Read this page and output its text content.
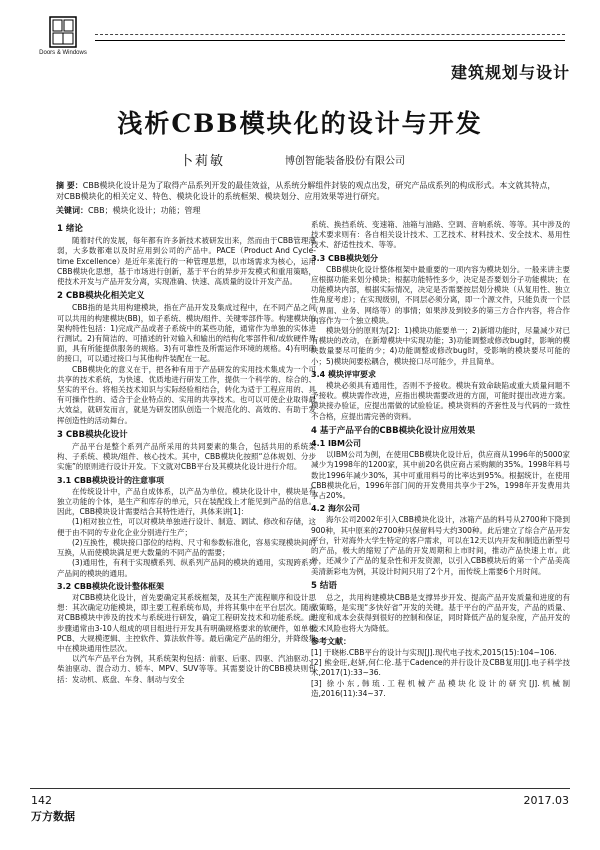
Doors & Windows
建筑规划与设计
浅析CBB模块化的设计与开发
卜莉敏	博创智能装备股份有限公司
摘 要：CBB模块化设计是为了取得产品系列开发的最佳效益，从系统分解组件封装的观点出发，研究产品成系列的构成形式。本文就其特点，对CBB模块化的相关定义、特色、模块化设计的系统框架、模块划分、应用效果等进行研究。
关键词：CBB；模块化设计；功能；管理
1 绪论

随着时代的发展，每年都有许多新技术被研发出来，然而由于CBB管理薄弱，大多数都难以及时应用到公司的产品中。PACE（Product And Cycle-time Excellence）是近年来流行的一种管理思想，以市场需求为核心，运用CBB模块化思想，基于市场进行创新，基于平台的异步开发模式和重用策略，使技术开发与产品开发分离，实现准确、快速、高质量的设计开发产品。

2 CBB模块化相关定义

CBB指的是共用构建模块，指在产品开发及集成过程中，在不同产品之间可以共用的构建模块(BB)，如子系统、模块/组件、关键零部件等。构建模块的架构特性包括：1)完成产品或者子系统中的某些功能，通常作为单独的实体进行测试。2)有简洁的、可描述的针对输入和输出的结构化零部件和/或软硬件界面，具有所能提供服务的规格。3)有可靠性及所需运作环境的规格。4)有明确的接口，可以通过接口与其他构件装配在一起。

CBB模块化的意义在于，把各种有用于产品研发的实用技术集成为一个可共享的技术系统，为快速、优质地进行研发工作，提供一个科学的、综合的、坚实的平台。将相关技术知识与实际经验相结合，转化为适于工程应用的、具有可操作性的、适合于企业特点的、实用的共享技术。也可以可使企业取得最大效益，就研发而言，就是为研发团队创造一个规范化的、高效的、有助于发挥创造性的活动舞台。

3 CBB模块化设计

产品平台是整个系列产品所采用的共同要素的集合，包括共用的系统架构、子系统、模块/组件、核心技术。其中，CBB模块化按照“总体规划、分步实施”的原则进行设计开发。下文就对CBB平台及其模块化设计进行介绍。

3.1 CBB模块设计的注意事项

在传统设计中，产品自成体系，以产品为单位。模块化设计中，模块是有独立功能的个体，是生产和库存的单元，只在装配线上才能见到产品的信息。因此，CBB模块设计需要结合其特性进行，具体来讲[1]：

(1)相对独立性，可以对模块单独进行设计、制造、调试、修改和存储，这便于由不同的专业化企业分别进行生产；

(2)互换性，模块接口部位的结构、尺寸和参数标准化，容易实现模块间的互换，从而使模块满足更大数量的不同产品的需要；

(3)通用性，有利于实现横系列、纵系列产品间的模块的通用，实现跨系列产品间的模块的通用。

3.2 CBB模块化设计整体框架

对CBB模块化设计，首先要确定其系统框架，及其生产流程顺序和设计思想：其次确定功能模块，即主要工程系统布局，并将其集中在平台层次。随后对CBB模块中涉及的技术与系统进行研发，确定工程研发技术和功能系统。此步骤通常由3-10人组成的项目组进行开发具有明确规格要求的软硬件，如单板PCB、大规模逻辑、主控软件、算法软件等。最后确定产品的细分，并降级集中在模块通用性层次。

以汽车产品平台为例，其系统架构包括：前驱、后驱、四驱、汽油驱动、柴油驱动、混合动力、轿车、MPV、SUV等等。其需要设计的CBB模块则包括：发动机、底盘、车身、制动与安全

系统、换挡系统、变速箱、油箱与油路、空调、音响系统、等等。其中涉及的技术要求则有：各自相关设计技术、工艺技术、材料技术、安全技术、易用性技术、舒适性技术、等等。

3.3 CBB模块划分

CBB模块化设计整体框架中最重要的一项内容为模块划分。一般来讲主要应根据功能来划分模块；根据功能特性多少，决定是否要划分子功能模块；在功能模块内部，根据实际情况，决定是否需要按层划分模块（从复用性、独立性角度考虑）；在实现级别，不同层必须分离，即一个源文件，只能负责一个层（界面、业务、网络等）的事情；如果涉及到较多的第三方合作内容，将合作内容作为一个独立模块。

模块划分的原则为[2]：1)模块功能要单一；2)新增功能时，尽量减少对已有模块的改动，在新增模块中实现功能；3)功能调整或修改bug时，影响的模块数量要尽可能的少；4)功能调整或修改bug时，受影响的模块要尽可能的小；5)模块间要松耦合，模块接口尽可能少，并且简单。

3.4 模块评审要求

模块必须具有通用性，否则不予接收。模块有致命缺陷或重大质量问题不予接收。模块需作改进，应指出模块需要改进的方面，可能时提出改进方案。模块接办验证，应提出需做的试验验证。模块资料的齐套性及与代码的一致性不合格，应提出需完善的资料。

4 基于产品平台的CBB模块化设计应用效果
4.1 IBM公司

以IBM公司为例，在使用CBB模块化设计后，供应商从1996年的5000家减少为1998年的1200家，其中前20名供应商占采购额的35%。1998年料号数比1996年减少30%，其中可重用料号的比率达到95%。根据统计，在使用CBB模块化后，1996年部门间的开发费用共享少于2%，1998年开发费用共享占20%。

4.2 海尔公司

海尔公司2002年引入CBB模块化设计，冰箱产品的料号从2700种下降到900种，其中原来的2700种只保留料号大约300种。此后建立了综合产品开发平台，针对海外大学生特定的客户需求，可以在12天以内开发和制造出新型号的产品，极大的缩短了产品的开发周期和上市时间，推动产品快速上市。此外，还减少了产品的复杂性和开发资源，以引入CBB模块后的第一个产品美高美清新彩电为例，其设计时间只用了2个月，而传统上需要6个月时间。

5 结语

总之，共用构建模块CBB是支撑异步开发、提高产品开发质量和进度的有效策略，是实现“多快好省”开发的关键。基于平台的产品开发，产品的质量、进度和成本会获得到很好的控制和保证，同时降低产品的复杂度，产品开发的技术风险也将大为降低。

参考文献：

[1] 于晓彬.CBB平台的设计与实现[J].现代电子技术,2015(15):104~106.

[2] 熊金旺,赵妍,何仁伦.基于Cadence的并行设计及CBB复用[J].电子科学技术,2017(1):33~36.

[3] 徐小东,韩琉.工程机械产品模块化设计的研究[J].机械制造,2016(11):34~37.

142	2017.03
万方数据
